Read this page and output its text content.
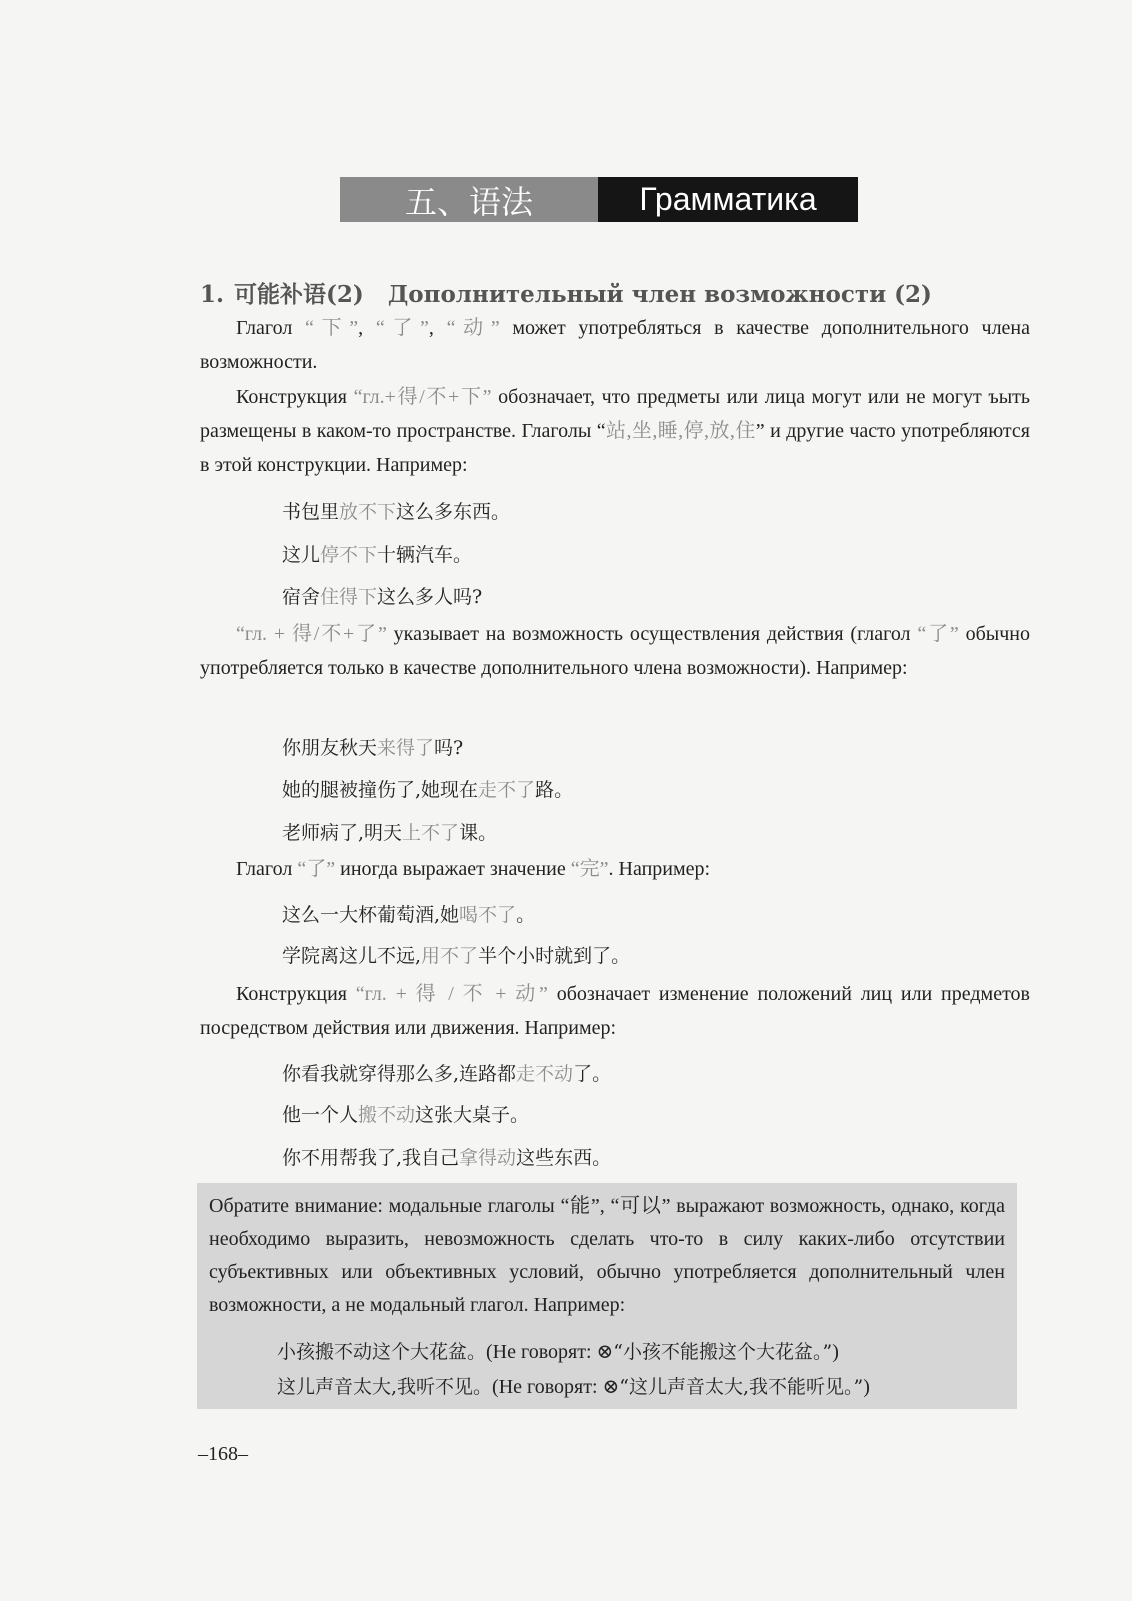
五、语法	Грамматика
1. 可能补语(2) Дополнительный член возможности (2)
Глагол “下”, “了”, “动” может употребляться в качестве дополнительного члена возможности.
Конструкция “гл.+得/不+下” обозначает, что предметы или лица могут или не могут ъыть размещены в каком-то пространстве. Глаголы “站,坐,睡,停,放,住” и другие часто употребляются в этой конструкции. Например:
书包里放不下这么多东西。
这儿停不下十辆汽车。
宿舍住得下这么多人吗?
“гл. + 得/不+了” указывает на возможность осуществления действия (глагол “了” обычно употребляется только в качестве дополнительного члена возможности). Например:
你朋友秋天来得了吗?
她的腿被撞伤了,她现在走不了路。
老师病了,明天上不了课。
Глагол “了” иногда выражает значение “完”. Например:
这么一大杯葡萄酒,她喝不了。
学院离这儿不远,用不了半个小时就到了。
Конструкция “гл. + 得 / 不 + 动” обозначает изменение положений лиц или предметов посредством действия или движения. Например:
你看我就穿得那么多,连路都走不动了。
他一个人搬不动这张大桌子。
你不用帮我了,我自己拿得动这些东西。
Обратите внимание: модальные глаголы “能”, “可以” выражают возможность, однако, когда необходимо выразить, невозможность сделать что-то в силу каких-либо отсутствии субъективных или объективных условий, обычно употребляется дополнительный член возможности, а не модальный глагол. Например:
小孩搬不动这个大花盆。(Не говорят: ⊗“小孩不能搬这个大花盆。”)
这儿声音太大,我听不见。(Не говорят: ⊗“这儿声音太大,我不能听见。”)
–168–
